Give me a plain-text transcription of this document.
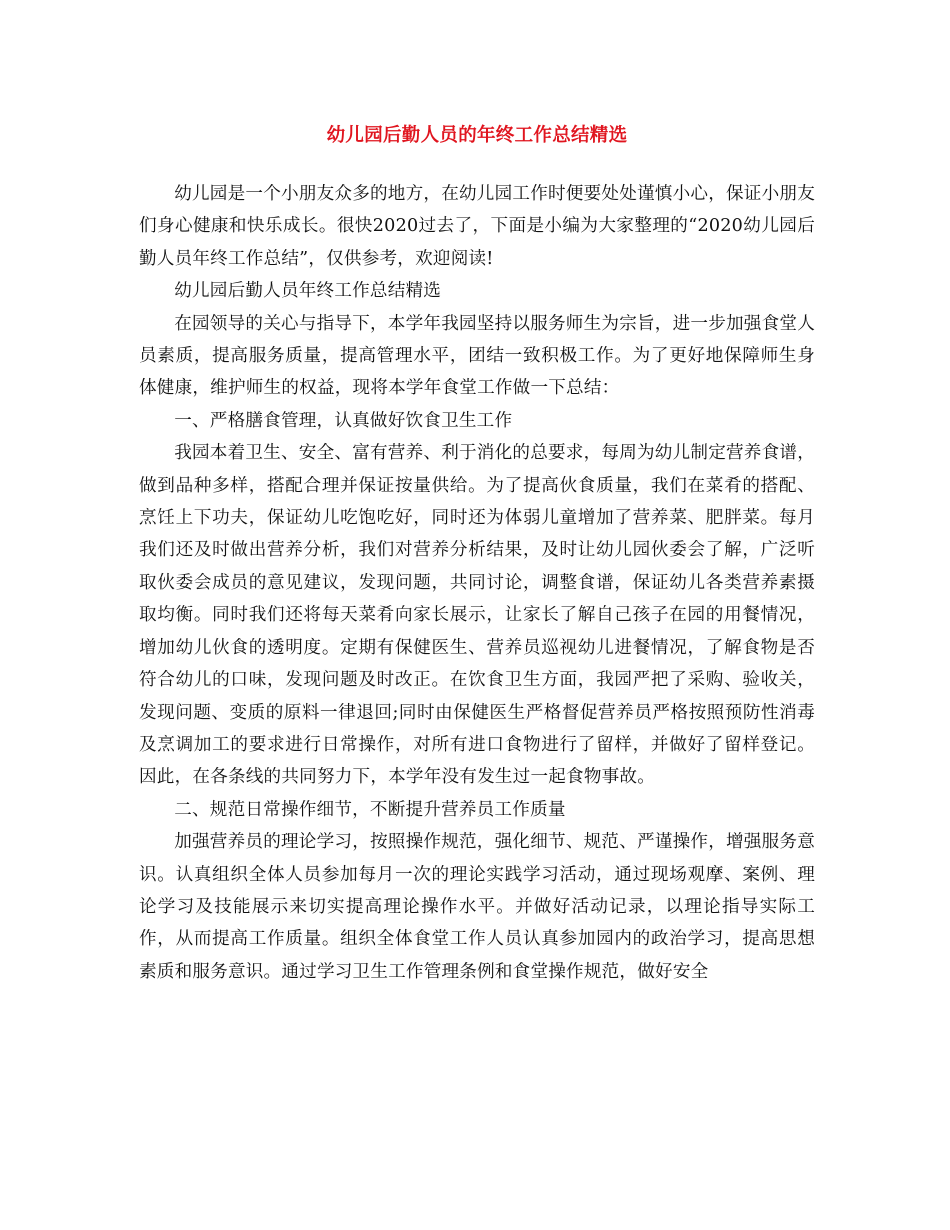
幼儿园后勤人员的年终工作总结精选

幼儿园是一个小朋友众多的地方，在幼儿园工作时便要处处谨慎小心，保证小朋友们身心健康和快乐成长。很快2020过去了，下面是小编为大家整理的“2020幼儿园后勤人员年终工作总结”，仅供参考，欢迎阅读!

幼儿园后勤人员年终工作总结精选

在园领导的关心与指导下，本学年我园坚持以服务师生为宗旨，进一步加强食堂人员素质，提高服务质量，提高管理水平，团结一致积极工作。为了更好地保障师生身体健康，维护师生的权益，现将本学年食堂工作做一下总结：

一、严格膳食管理，认真做好饮食卫生工作

我园本着卫生、安全、富有营养、利于消化的总要求，每周为幼儿制定营养食谱，做到品种多样，搭配合理并保证按量供给。为了提高伙食质量，我们在菜肴的搭配、烹饪上下功夫，保证幼儿吃饱吃好，同时还为体弱儿童增加了营养菜、肥胖菜。每月我们还及时做出营养分析，我们对营养分析结果，及时让幼儿园伙委会了解，广泛听取伙委会成员的意见建议，发现问题，共同讨论，调整食谱，保证幼儿各类营养素摄取均衡。同时我们还将每天菜肴向家长展示，让家长了解自己孩子在园的用餐情况，增加幼儿伙食的透明度。定期有保健医生、营养员巡视幼儿进餐情况，了解食物是否符合幼儿的口味，发现问题及时改正。在饮食卫生方面，我园严把了采购、验收关，发现问题、变质的原料一律退回;同时由保健医生严格督促营养员严格按照预防性消毒及烹调加工的要求进行日常操作，对所有进口食物进行了留样，并做好了留样登记。因此，在各条线的共同努力下，本学年没有发生过一起食物事故。

二、规范日常操作细节，不断提升营养员工作质量

加强营养员的理论学习，按照操作规范，强化细节、规范、严谨操作，增强服务意识。认真组织全体人员参加每月一次的理论实践学习活动，通过现场观摩、案例、理论学习及技能展示来切实提高理论操作水平。并做好活动记录，以理论指导实际工作，从而提高工作质量。组织全体食堂工作人员认真参加园内的政治学习，提高思想素质和服务意识。通过学习卫生工作管理条例和食堂操作规范，做好安全
